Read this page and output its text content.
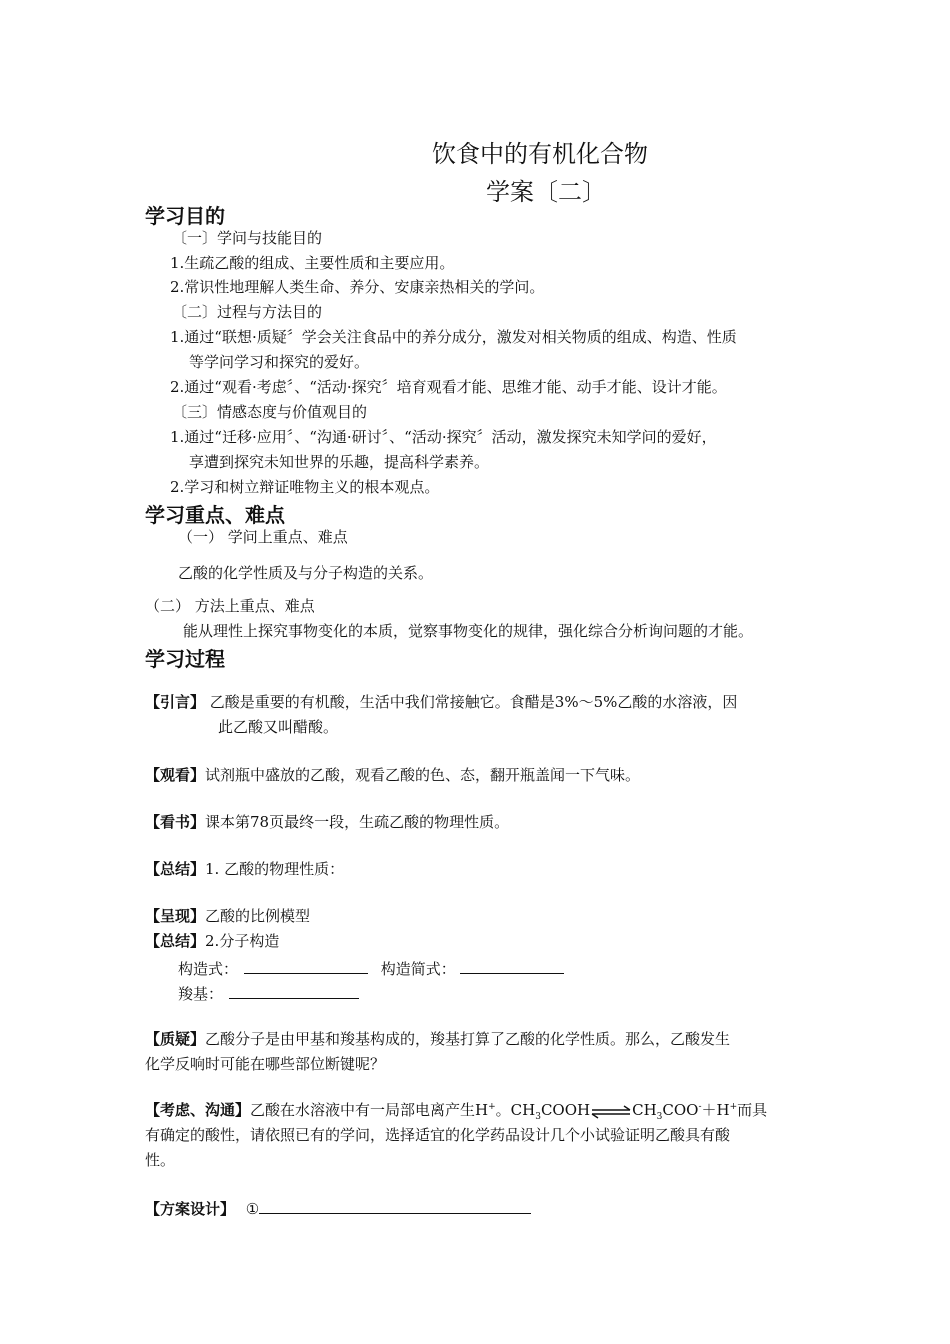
饮食中的有机化合物
学案〔二〕
学习目的
〔一〕学问与技能目的
1.生疏乙酸的组成、主要性质和主要应用。
2.常识性地理解人类生命、养分、安康亲热相关的学问。
〔二〕过程与方法目的
1.通过“联想·质疑〞学会关注食品中的养分成分，激发对相关物质的组成、构造、性质
等学问学习和探究的爱好。
2.通过“观看·考虑〞、“活动·探究〞培育观看才能、思维才能、动手才能、设计才能。
〔三〕情感态度与价值观目的
1.通过“迁移·应用〞、“沟通·研讨〞、“活动·探究〞活动，激发探究未知学问的爱好，
享遭到探究未知世界的乐趣，提高科学素养。
2.学习和树立辩证唯物主义的根本观点。
学习重点、难点
（一） 学问上重点、难点
乙酸的化学性质及与分子构造的关系。
（二） 方法上重点、难点
能从理性上探究事物变化的本质，觉察事物变化的规律，强化综合分析询问题的才能。
学习过程
【引言】 乙酸是重要的有机酸，生活中我们常接触它。食醋是3%～5%乙酸的水溶液，因
此乙酸又叫醋酸。
【观看】试剂瓶中盛放的乙酸，观看乙酸的色、态，翻开瓶盖闻一下气味。
【看书】课本第78页最终一段，生疏乙酸的物理性质。
【总结】1. 乙酸的物理性质：
【呈现】乙酸的比例模型
【总结】2.分子构造
构造式：	构造简式：
羧基：
【质疑】乙酸分子是由甲基和羧基构成的，羧基打算了乙酸的化学性质。那么，乙酸发生
化学反响时可能在哪些部位断键呢？
【考虑、沟通】乙酸在水溶液中有一局部电离产生H+。$CH_3COOH\rightleftharpoons CH_3COO^-+H^+$而具
有确定的酸性，请依照已有的学问，选择适宜的化学药品设计几个小试验证明乙酸具有酸
性。
【方案设计】 ①
